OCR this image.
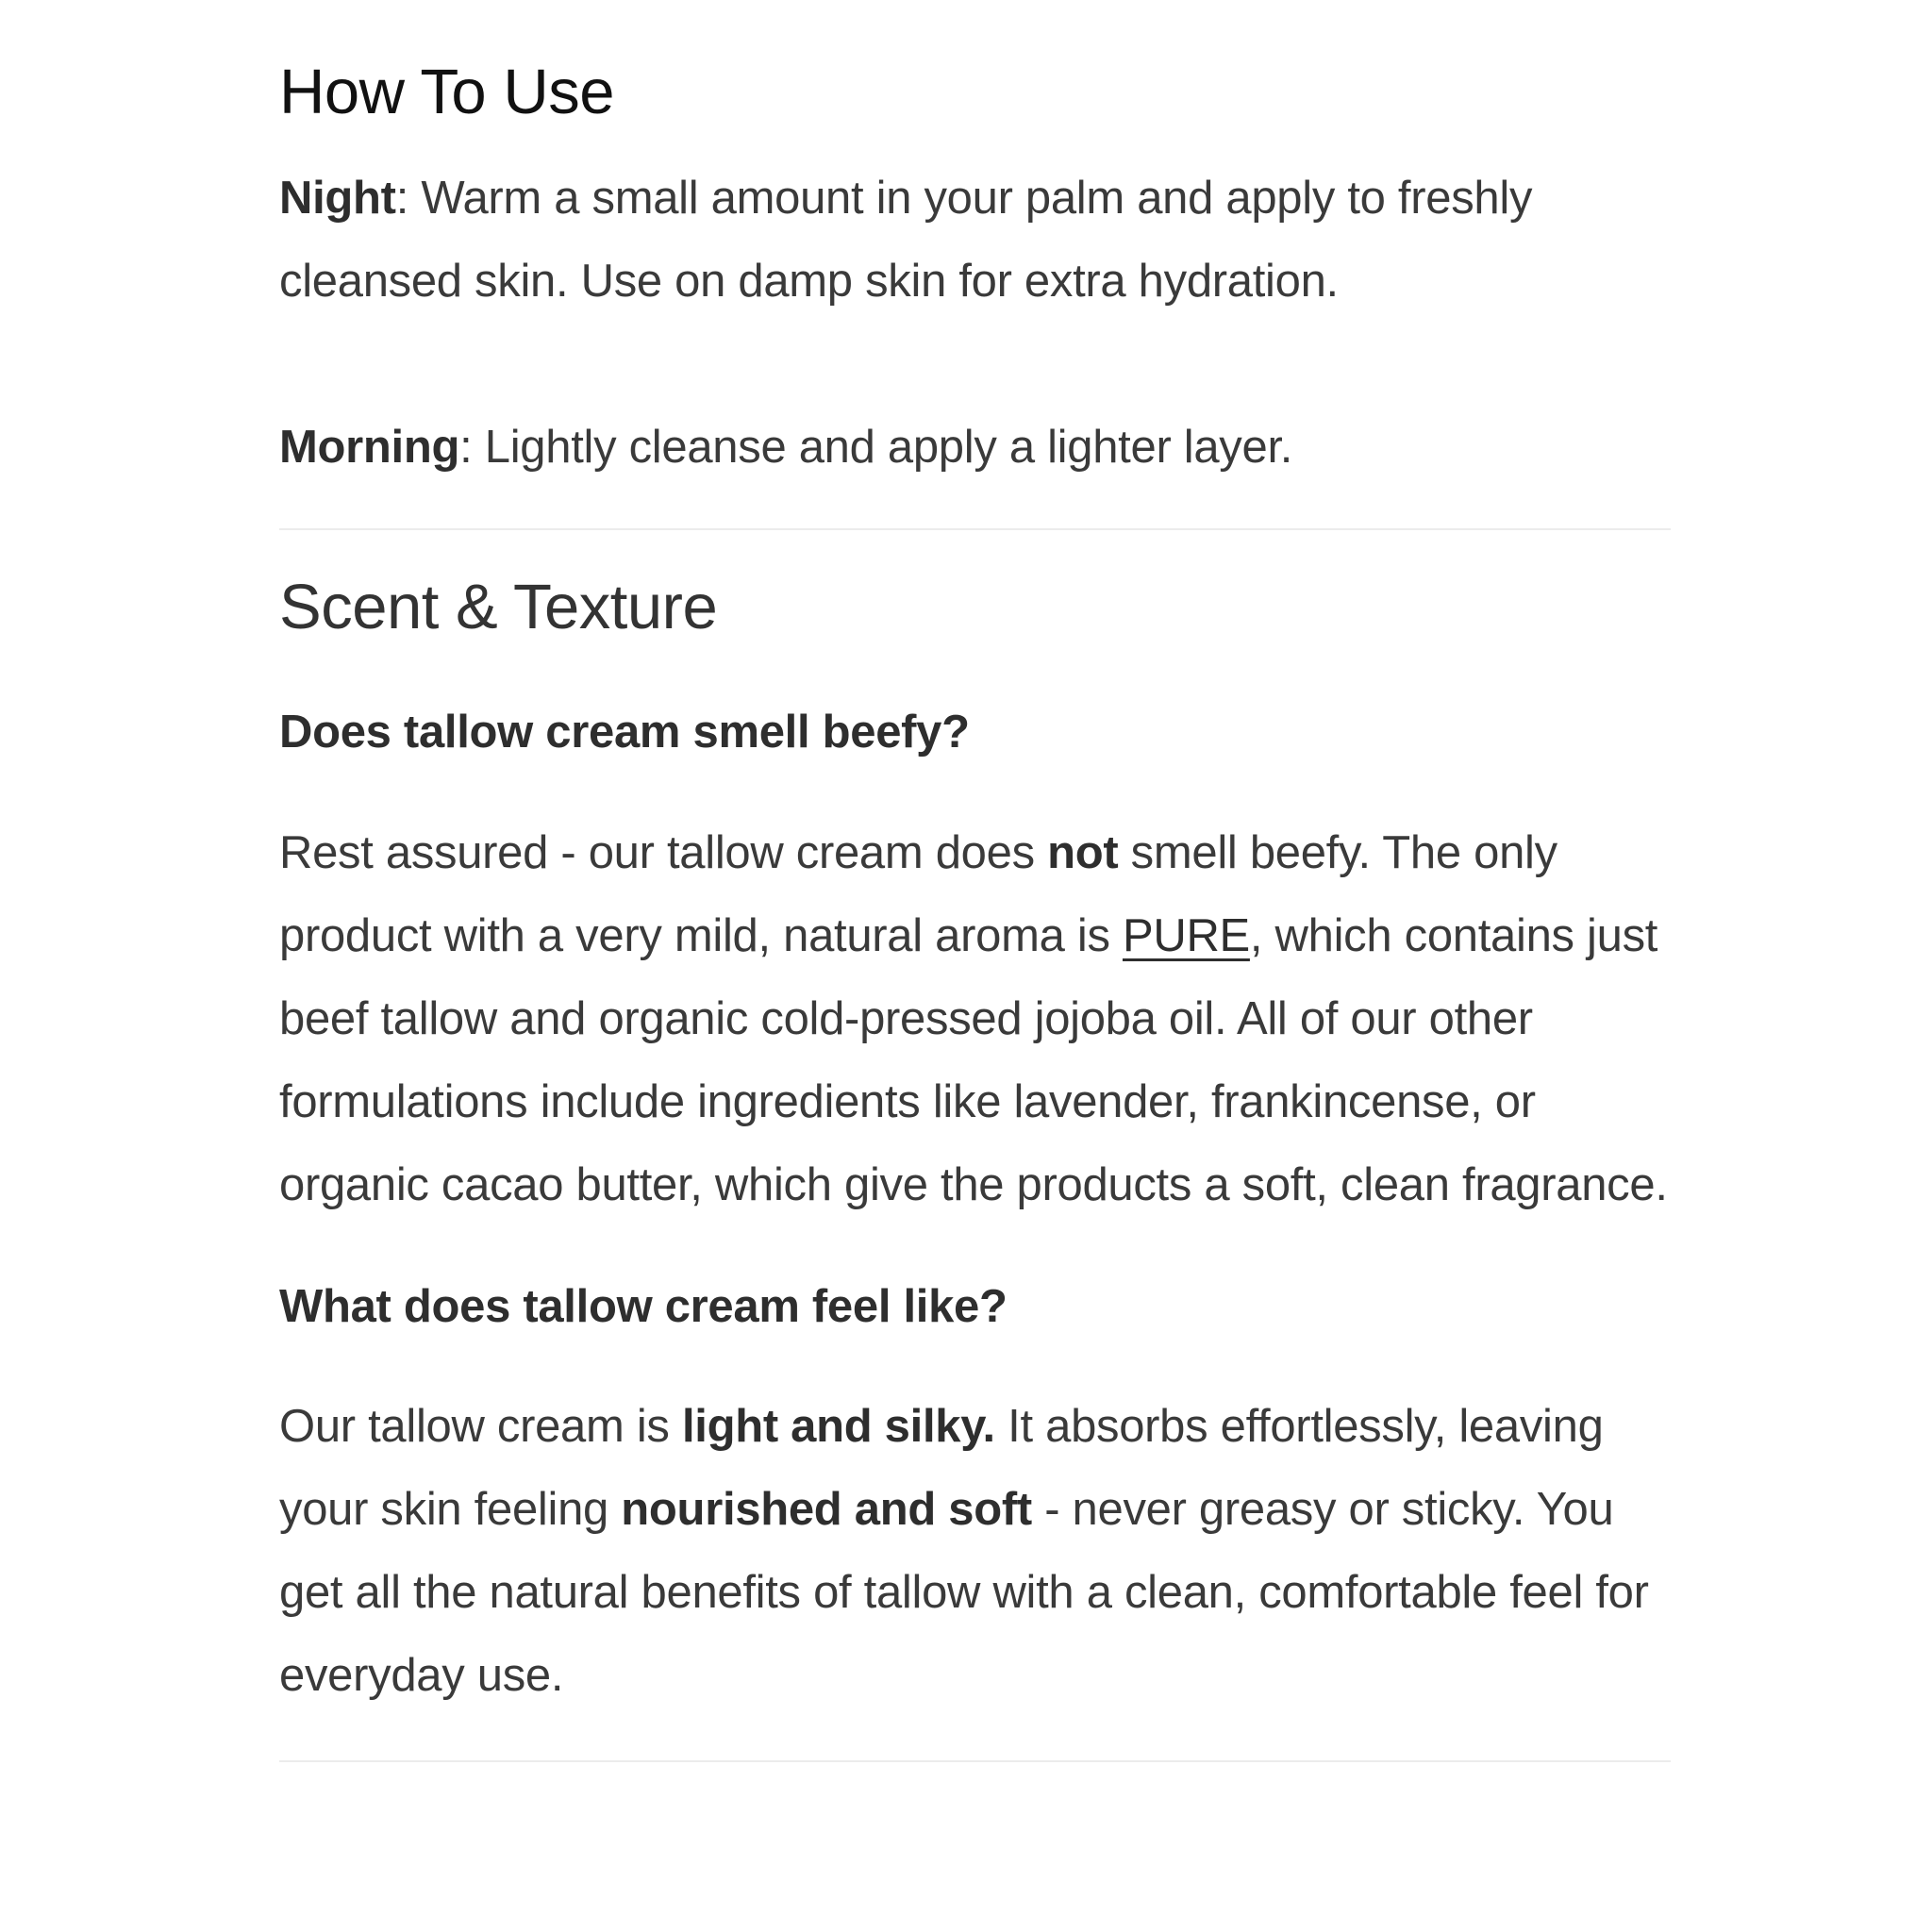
How To Use

Night: Warm a small amount in your palm and apply to freshly cleansed skin. Use on damp skin for extra hydration.

Morning: Lightly cleanse and apply a lighter layer.

Scent & Texture

Does tallow cream smell beefy?

Rest assured - our tallow cream does not smell beefy. The only product with a very mild, natural aroma is PURE, which contains just beef tallow and organic cold-pressed jojoba oil. All of our other formulations include ingredients like lavender, frankincense, or organic cacao butter, which give the products a soft, clean fragrance.

What does tallow cream feel like?

Our tallow cream is light and silky. It absorbs effortlessly, leaving your skin feeling nourished and soft - never greasy or sticky. You get all the natural benefits of tallow with a clean, comfortable feel for everyday use.
